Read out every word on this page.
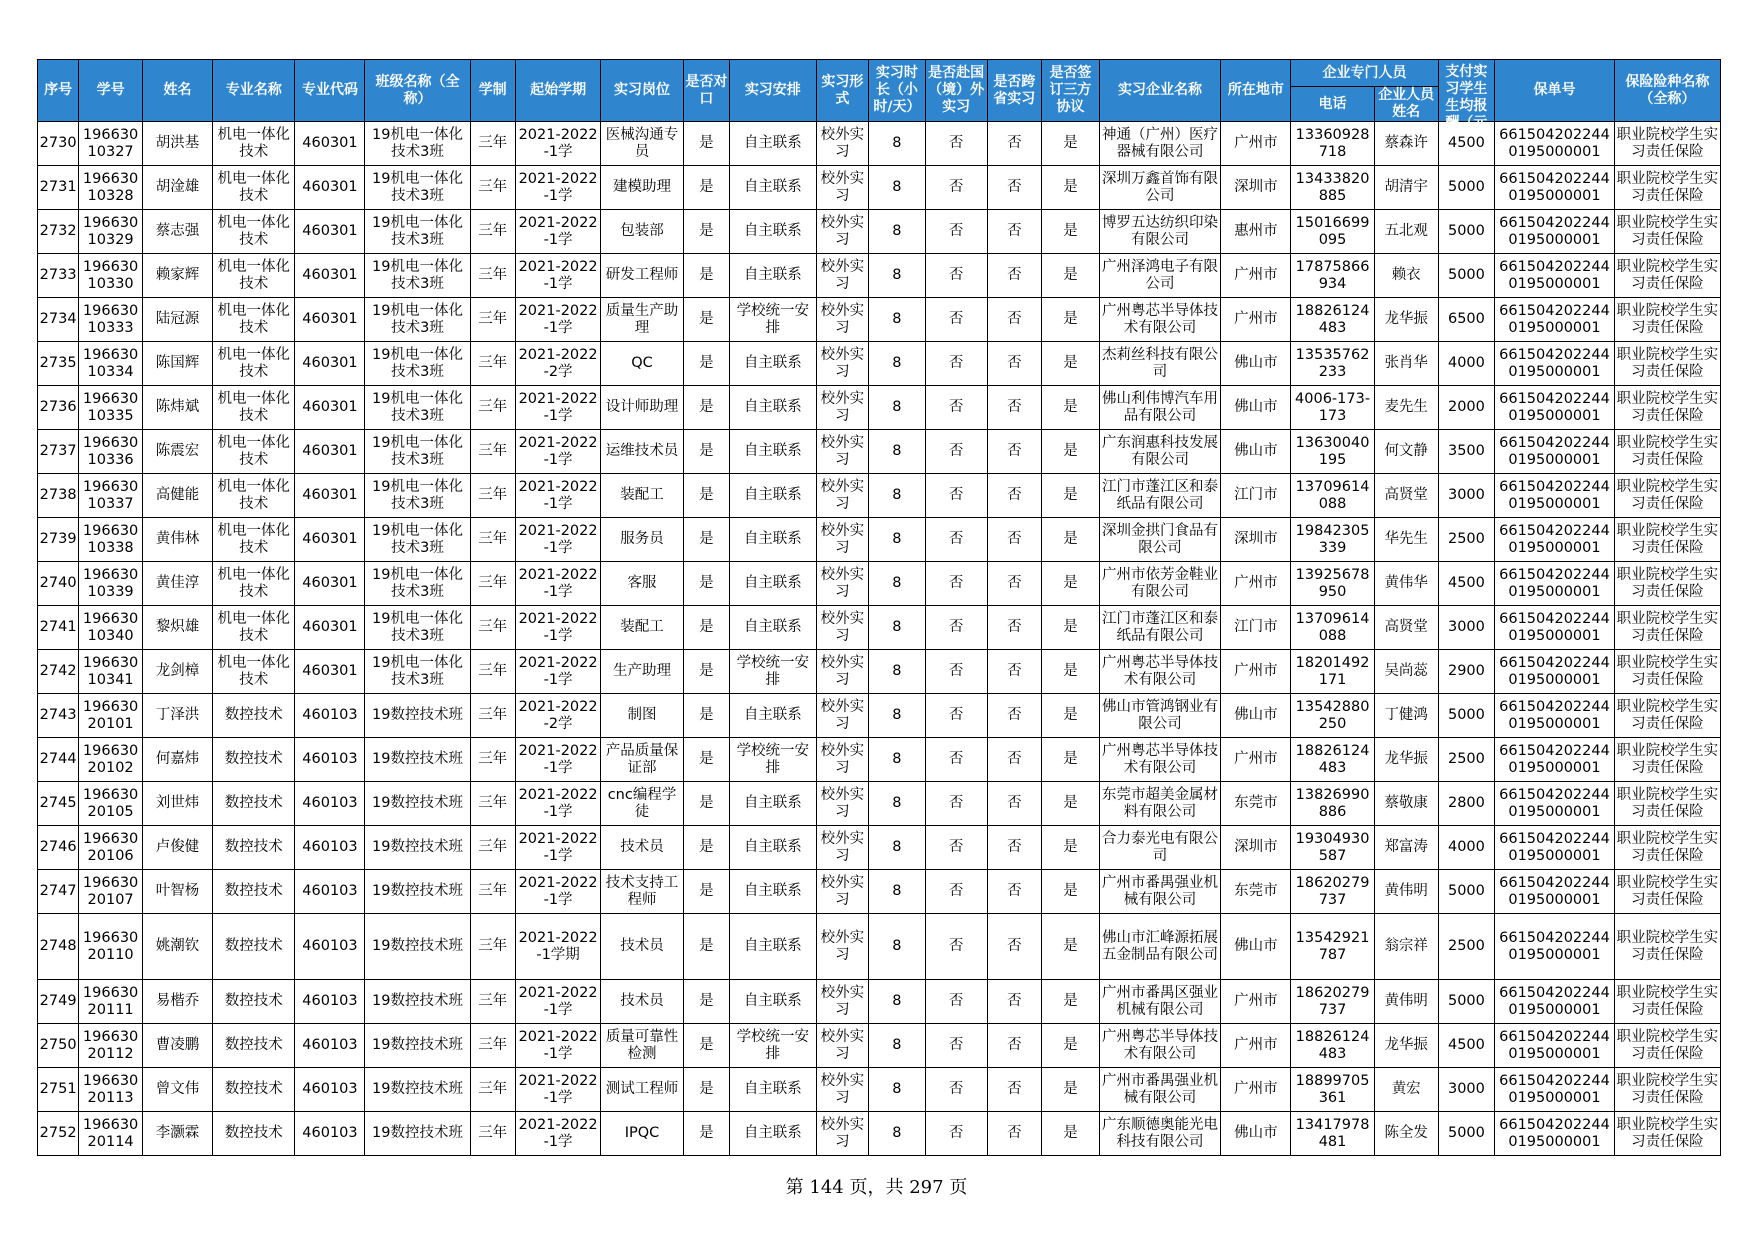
序号	学号	姓名	专业名称	专业代码	班级名称（全称）	学制	起始学期	实习岗位	是否对口	实习安排	实习形式	实习时长（小时/天）	是否赴国（境）外实习	是否跨省实习	是否签订三方协议	实习企业名称	所在地市	企业专门人员		支付实习学生生均报酬（元	保单号	保险险种名称（全称）
																		电话	企业人员姓名			

2730	19663010327	胡洪基	机电一体化技术	460301	19机电一体化技术3班	三年	2021-2022-1学	医械沟通专员	是	自主联系	校外实习	8	否	否	是	神通（广州）医疗器械有限公司	广州市	13360928718	蔡森许	4500	6615042022440195000001	职业院校学生实习责任保险

2731	19663010328	胡淦雄	机电一体化技术	460301	19机电一体化技术3班	三年	2021-2022-1学	建模助理	是	自主联系	校外实习	8	否	否	是	深圳万鑫首饰有限公司	深圳市	13433820885	胡清宇	5000	6615042022440195000001	职业院校学生实习责任保险

2732	19663010329	蔡志强	机电一体化技术	460301	19机电一体化技术3班	三年	2021-2022-1学	包装部	是	自主联系	校外实习	8	否	否	是	博罗五达纺织印染有限公司	惠州市	15016699095	五北观	5000	6615042022440195000001	职业院校学生实习责任保险

2733	19663010330	赖家辉	机电一体化技术	460301	19机电一体化技术3班	三年	2021-2022-1学	研发工程师	是	自主联系	校外实习	8	否	否	是	广州泽鸿电子有限公司	广州市	17875866934	赖衣	5000	6615042022440195000001	职业院校学生实习责任保险

2734	19663010333	陆冠源	机电一体化技术	460301	19机电一体化技术3班	三年	2021-2022-1学	质量生产助理	是	学校统一安排	校外实习	8	否	否	是	广州粤芯半导体技术有限公司	广州市	18826124483	龙华振	6500	6615042022440195000001	职业院校学生实习责任保险

2735	19663010334	陈国辉	机电一体化技术	460301	19机电一体化技术3班	三年	2021-2022-2学	QC	是	自主联系	校外实习	8	否	否	是	杰莉丝科技有限公司	佛山市	13535762233	张肖华	4000	6615042022440195000001	职业院校学生实习责任保险

2736	19663010335	陈炜斌	机电一体化技术	460301	19机电一体化技术3班	三年	2021-2022-1学	设计师助理	是	自主联系	校外实习	8	否	否	是	佛山利伟博汽车用品有限公司	佛山市	4006-173-173	麦先生	2000	6615042022440195000001	职业院校学生实习责任保险

2737	19663010336	陈震宏	机电一体化技术	460301	19机电一体化技术3班	三年	2021-2022-1学	运维技术员	是	自主联系	校外实习	8	否	否	是	广东润惠科技发展有限公司	佛山市	13630040195	何文静	3500	6615042022440195000001	职业院校学生实习责任保险

2738	19663010337	高健能	机电一体化技术	460301	19机电一体化技术3班	三年	2021-2022-1学	装配工	是	自主联系	校外实习	8	否	否	是	江门市蓬江区和泰纸品有限公司	江门市	13709614088	高贤堂	3000	6615042022440195000001	职业院校学生实习责任保险

2739	19663010338	黄伟林	机电一体化技术	460301	19机电一体化技术3班	三年	2021-2022-1学	服务员	是	自主联系	校外实习	8	否	否	是	深圳金拱门食品有限公司	深圳市	19842305339	华先生	2500	6615042022440195000001	职业院校学生实习责任保险

2740	19663010339	黄佳淳	机电一体化技术	460301	19机电一体化技术3班	三年	2021-2022-1学	客服	是	自主联系	校外实习	8	否	否	是	广州市依芳金鞋业有限公司	广州市	13925678950	黄伟华	4500	6615042022440195000001	职业院校学生实习责任保险

2741	19663010340	黎炽雄	机电一体化技术	460301	19机电一体化技术3班	三年	2021-2022-1学	装配工	是	自主联系	校外实习	8	否	否	是	江门市蓬江区和泰纸品有限公司	江门市	13709614088	高贤堂	3000	6615042022440195000001	职业院校学生实习责任保险

2742	19663010341	龙剑樟	机电一体化技术	460301	19机电一体化技术3班	三年	2021-2022-1学	生产助理	是	学校统一安排	校外实习	8	否	否	是	广州粤芯半导体技术有限公司	广州市	18201492171	吴尚蕊	2900	6615042022440195000001	职业院校学生实习责任保险

2743	19663020101	丁泽洪	数控技术	460103	19数控技术班	三年	2021-2022-2学	制图	是	自主联系	校外实习	8	否	否	是	佛山市管鸿钢业有限公司	佛山市	13542880250	丁健鸿	5000	6615042022440195000001	职业院校学生实习责任保险

2744	19663020102	何嘉炜	数控技术	460103	19数控技术班	三年	2021-2022-1学	产品质量保证部	是	学校统一安排	校外实习	8	否	否	是	广州粤芯半导体技术有限公司	广州市	18826124483	龙华振	2500	6615042022440195000001	职业院校学生实习责任保险

2745	19663020105	刘世炜	数控技术	460103	19数控技术班	三年	2021-2022-1学	cnc编程学徒	是	自主联系	校外实习	8	否	否	是	东莞市超美金属材料有限公司	东莞市	13826990886	蔡敬康	2800	6615042022440195000001	职业院校学生实习责任保险

2746	19663020106	卢俊健	数控技术	460103	19数控技术班	三年	2021-2022-1学	技术员	是	自主联系	校外实习	8	否	否	是	合力泰光电有限公司	深圳市	19304930587	郑富涛	4000	6615042022440195000001	职业院校学生实习责任保险

2747	19663020107	叶智杨	数控技术	460103	19数控技术班	三年	2021-2022-1学	技术支持工程师	是	自主联系	校外实习	8	否	否	是	广州市番禺强业机械有限公司	东莞市	18620279737	黄伟明	5000	6615042022440195000001	职业院校学生实习责任保险

2748	19663020110	姚潮钦	数控技术	460103	19数控技术班	三年	2021-2022-1学期	技术员	是	自主联系	校外实习	8	否	否	是	佛山市汇峰源拓展五金制品有限公司	佛山市	13542921787	翁宗祥	2500	6615042022440195000001	职业院校学生实习责任保险

2749	19663020111	易楷乔	数控技术	460103	19数控技术班	三年	2021-2022-1学	技术员	是	自主联系	校外实习	8	否	否	是	广州市番禺区强业机械有限公司	广州市	18620279737	黄伟明	5000	6615042022440195000001	职业院校学生实习责任保险

2750	19663020112	曹凌鹏	数控技术	460103	19数控技术班	三年	2021-2022-1学	质量可靠性检测	是	学校统一安排	校外实习	8	否	否	是	广州粤芯半导体技术有限公司	广州市	18826124483	龙华振	4500	6615042022440195000001	职业院校学生实习责任保险

2751	19663020113	曾文伟	数控技术	460103	19数控技术班	三年	2021-2022-1学	测试工程师	是	自主联系	校外实习	8	否	否	是	广州市番禺强业机械有限公司	广州市	18899705361	黄宏	3000	6615042022440195000001	职业院校学生实习责任保险

2752	19663020114	李灏霖	数控技术	460103	19数控技术班	三年	2021-2022-1学	IPQC	是	自主联系	校外实习	8	否	否	是	广东顺德奥能光电科技有限公司	佛山市	13417978481	陈全发	5000	6615042022440195000001	职业院校学生实习责任保险
第 144 页，共 297 页
